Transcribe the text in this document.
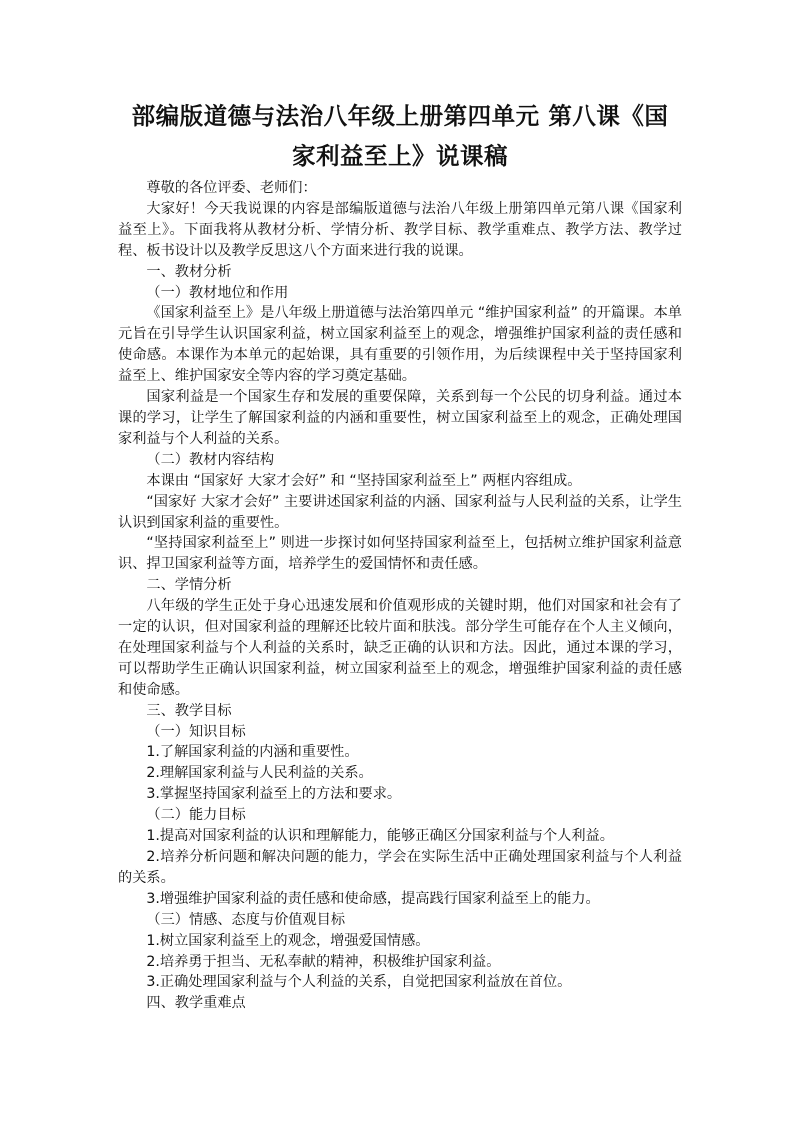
部编版道德与法治八年级上册第四单元 第八课《国
家利益至上》说课稿

尊敬的各位评委、老师们：

大家好！今天我说课的内容是部编版道德与法治八年级上册第四单元第八课《国家利益至上》。下面我将从教材分析、学情分析、教学目标、教学重难点、教学方法、教学过程、板书设计以及教学反思这八个方面来进行我的说课。

一、教材分析

（一）教材地位和作用

《国家利益至上》是八年级上册道德与法治第四单元 “维护国家利益” 的开篇课。本单元旨在引导学生认识国家利益，树立国家利益至上的观念，增强维护国家利益的责任感和使命感。本课作为本单元的起始课，具有重要的引领作用，为后续课程中关于坚持国家利益至上、维护国家安全等内容的学习奠定基础。

国家利益是一个国家生存和发展的重要保障，关系到每一个公民的切身利益。通过本课的学习，让学生了解国家利益的内涵和重要性，树立国家利益至上的观念，正确处理国家利益与个人利益的关系。

（二）教材内容结构

本课由 “国家好 大家才会好” 和 “坚持国家利益至上” 两框内容组成。

“国家好 大家才会好” 主要讲述国家利益的内涵、国家利益与人民利益的关系，让学生认识到国家利益的重要性。

“坚持国家利益至上” 则进一步探讨如何坚持国家利益至上，包括树立维护国家利益意识、捍卫国家利益等方面，培养学生的爱国情怀和责任感。

二、学情分析

八年级的学生正处于身心迅速发展和价值观形成的关键时期，他们对国家和社会有了一定的认识，但对国家利益的理解还比较片面和肤浅。部分学生可能存在个人主义倾向，在处理国家利益与个人利益的关系时，缺乏正确的认识和方法。因此，通过本课的学习，可以帮助学生正确认识国家利益，树立国家利益至上的观念，增强维护国家利益的责任感和使命感。

三、教学目标

（一）知识目标

1.了解国家利益的内涵和重要性。

2.理解国家利益与人民利益的关系。

3.掌握坚持国家利益至上的方法和要求。

（二）能力目标

1.提高对国家利益的认识和理解能力，能够正确区分国家利益与个人利益。

2.培养分析问题和解决问题的能力，学会在实际生活中正确处理国家利益与个人利益的关系。

3.增强维护国家利益的责任感和使命感，提高践行国家利益至上的能力。

（三）情感、态度与价值观目标

1.树立国家利益至上的观念，增强爱国情感。

2.培养勇于担当、无私奉献的精神，积极维护国家利益。

3.正确处理国家利益与个人利益的关系，自觉把国家利益放在首位。

四、教学重难点
